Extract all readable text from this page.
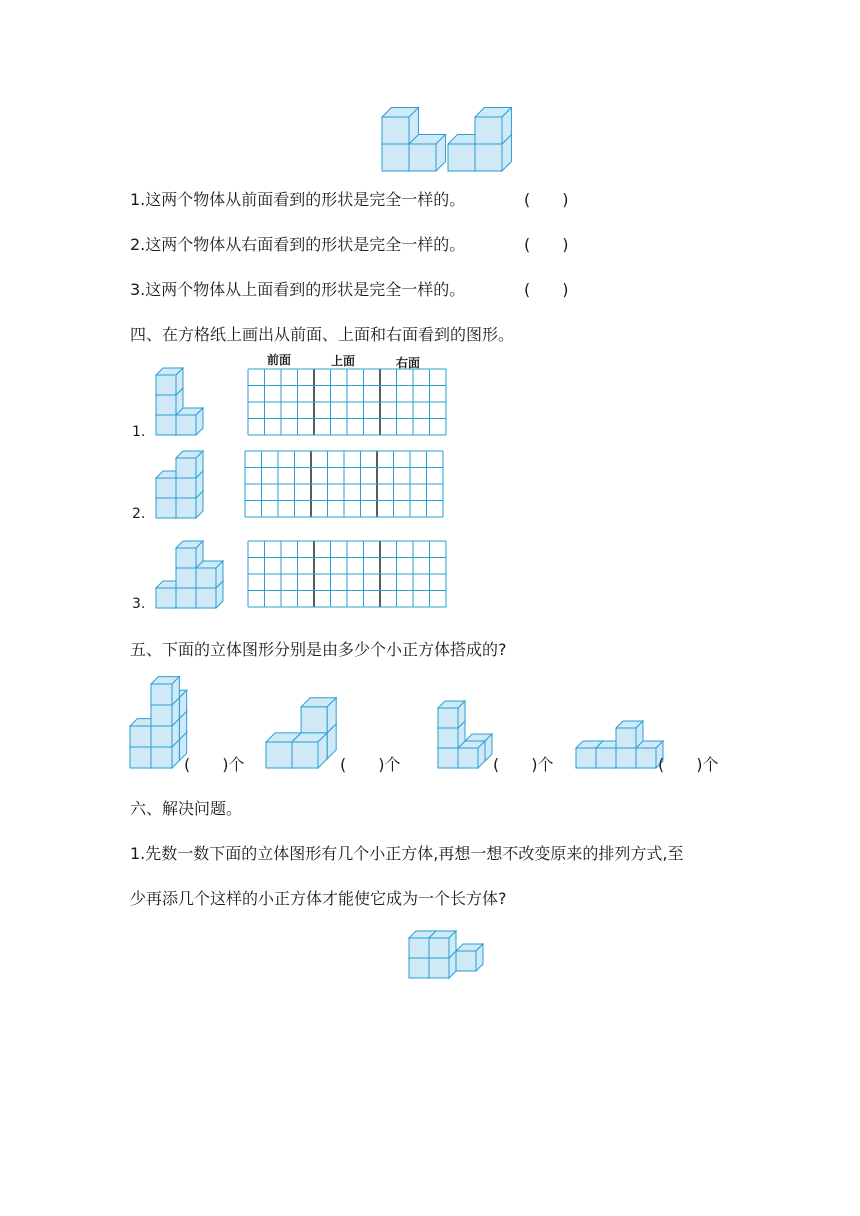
1.这两个物体从前面看到的形状是完全一样的。	(　　)
2.这两个物体从右面看到的形状是完全一样的。	(　　)
3.这两个物体从上面看到的形状是完全一样的。	(　　)
四、在方格纸上画出从前面、上面和右面看到的图形。
前面	上面	右面
1.
2.
3.
五、下面的立体图形分别是由多少个小正方体搭成的?
(　　)个	(　　)个	(　　)个	(　　)个
六、解决问题。
1.先数一数下面的立体图形有几个小正方体,再想一想不改变原来的排列方式,至
少再添几个这样的小正方体才能使它成为一个长方体?
